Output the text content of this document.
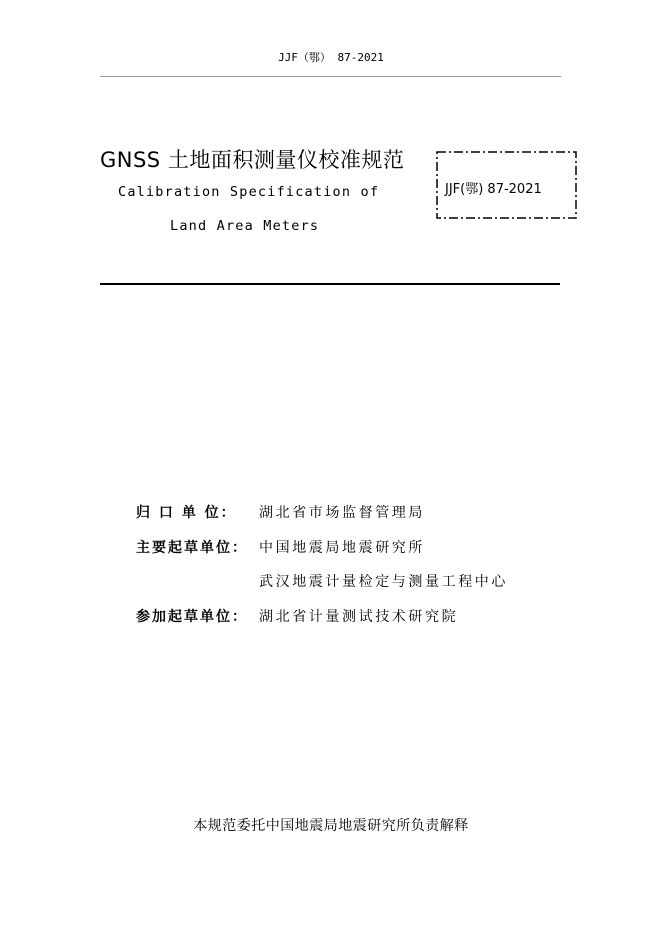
JJF（鄂） 87-2021
GNSS 土地面积测量仪校准规范
Calibration Specification of
Land Area Meters
JJF(鄂) 87-2021
归 口 单 位： 湖北省市场监督管理局
主要起草单位： 中国地震局地震研究所
武汉地震计量检定与测量工程中心
参加起草单位： 湖北省计量测试技术研究院
本规范委托中国地震局地震研究所负责解释
